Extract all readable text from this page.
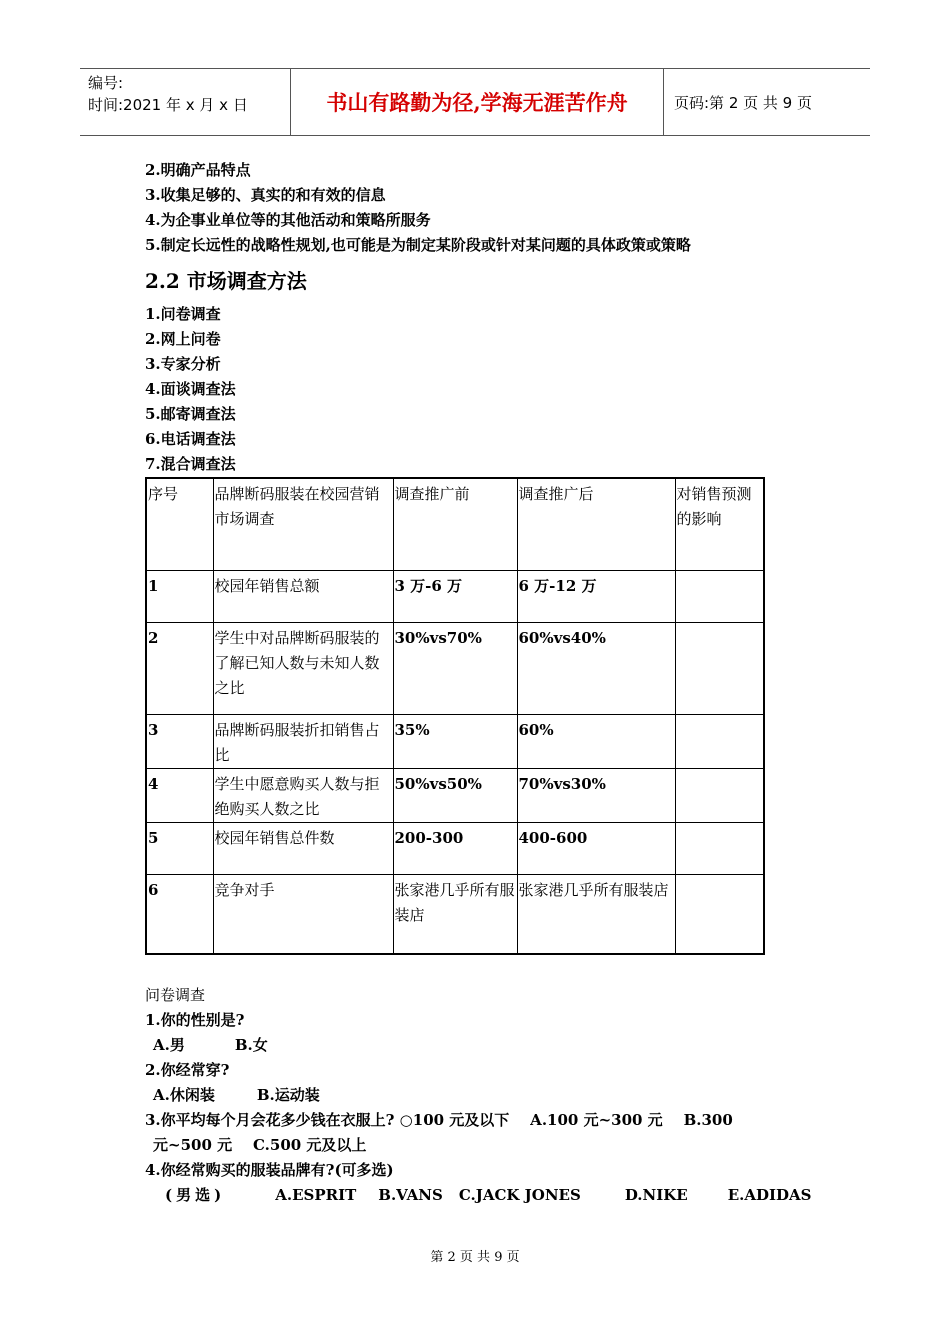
编号:
时间:2021 年 x 月 x 日	书山有路勤为径,学海无涯苦作舟	页码:第 2 页 共 9 页
2.明确产品特点
3.收集足够的、真实的和有效的信息
4.为企事业单位等的其他活动和策略所服务
5.制定长远性的战略性规划,也可能是为制定某阶段或针对某问题的具体政策或策略
2.2 市场调查方法
1.问卷调查
2.网上问卷
3.专家分析
4.面谈调查法
5.邮寄调查法
6.电话调查法
7.混合调查法
序号	品牌断码服装在校园营销市场调查	调查推广前	调查推广后	对销售预测的影响
1	校园年销售总额	3 万-6 万	6 万-12 万	
2	学生中对品牌断码服装的了解已知人数与未知人数之比	30%vs70%	60%vs40%	
3	品牌断码服装折扣销售占比	35%	60%	
4	学生中愿意购买人数与拒绝购买人数之比	50%vs50%	70%vs30%	
5	校园年销售总件数	200-300	400-600	
6	竞争对手	张家港几乎所有服装店	张家港几乎所有服装店	
问卷调查
1.你的性别是?
A.男	B.女
2.你经常穿?
A.休闲装	B.运动装
3.你平均每个月会花多少钱在衣服上? ○100 元及以下    A.100 元~300 元    B.300
元~500 元    C.500 元及以上
4.你经常购买的服装品牌有?(可多选)
(男选)	A.ESPRIT B.VANS C.JACK JONES	D.NIKE	E.ADIDAS
第 2 页 共 9 页
